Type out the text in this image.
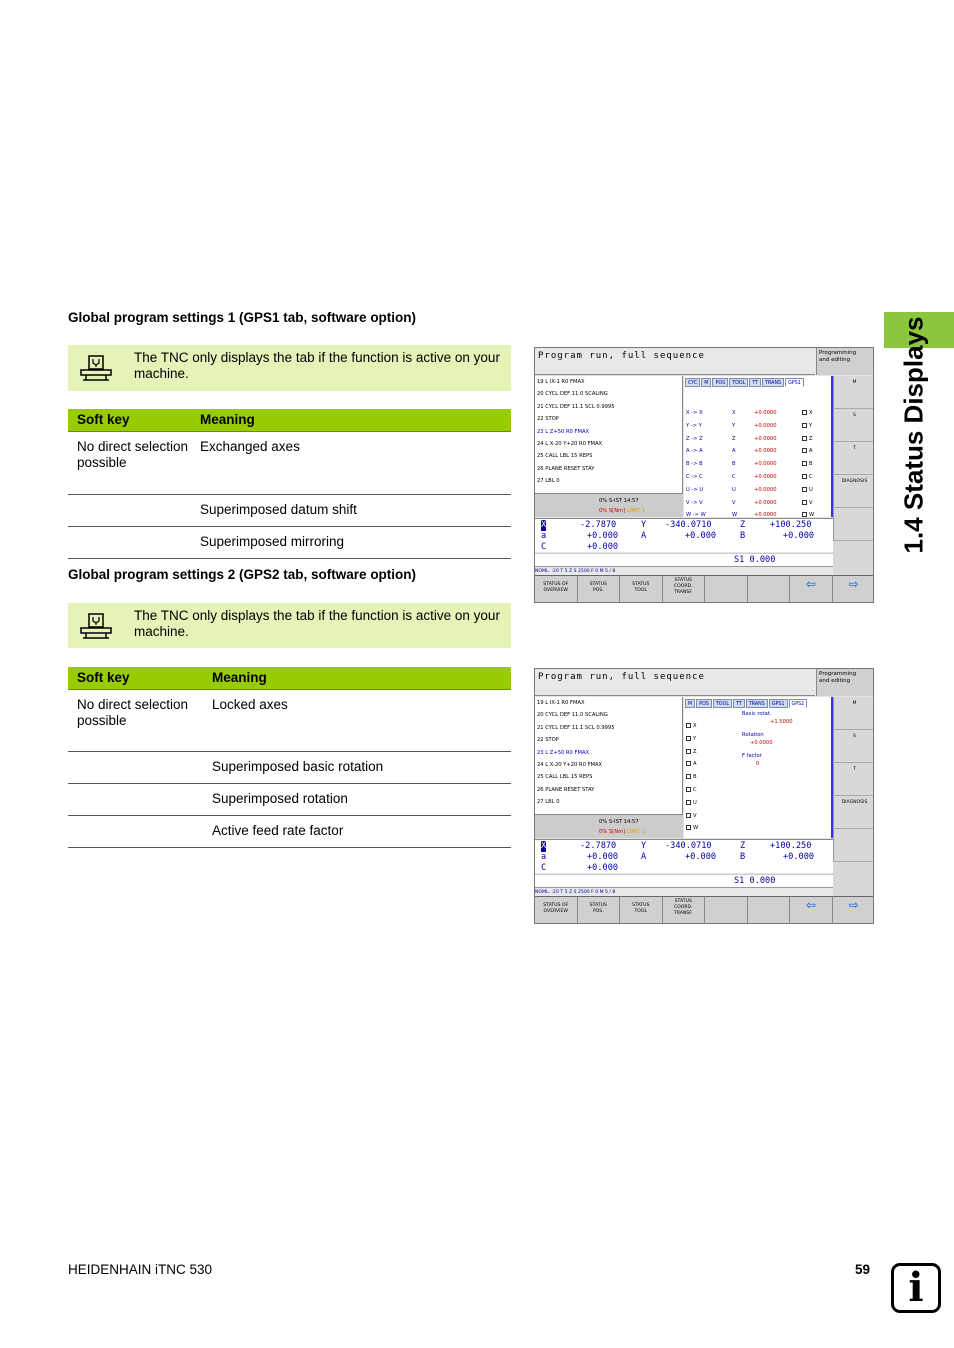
1.4 Status Displays
Global program settings 1 (GPS1 tab, software option)
The TNC only displays the tab if the function is active on your machine.
Soft key	Meaning
No direct selection possible	Exchanged axes
	Superimposed datum shift
	Superimposed mirroring
Global program settings 2 (GPS2 tab, software option)
The TNC only displays the tab if the function is active on your machine.
Soft key	Meaning
No direct selection possible	Locked axes
	Superimposed basic rotation
	Superimposed rotation
	Active feed rate factor
Program run, full sequence	Programming
and editing
19 L IX-1 R0 FMAX
20 CYCL DEF 11.0 SCALING
21 CYCL DEF 11.1 SCL 0.9995
22 STOP
23 L Z+50 R0 FMAX
24 L X-20 Y+20 R0 FMAX
25 CALL LBL 15 REPS
26 PLANE RESET STAY
27 LBL 0
0% S-IST 14:57
0% S[Nm] LIMIT 1
CYC	M	POS	TOOL	TT	TRANS	GPS1
X -> X	X	+0.0000	X
Y -> Y	Y	+0.0000	Y
Z -> Z	Z	+0.0000	Z
A -> A	A	+0.0000	A
B -> B	B	+0.0000	B
C -> C	C	+0.0000	C
U -> U	U	+0.0000	U
V -> V	V	+0.0000	V
W -> W	W	+0.0000	W
M
S
T
DIAGNOSIS
X	-2.7870	Y -340.0710	Z	+100.250
a	+0.000	A	+0.000	B	+0.000
C	+0.000
S1 0.000
NOML. :20 T 5 Z S 2500 F 0 M 5 / 8
STATUS OF
OVERVIEW
STATUS
POS.
STATUS
TOOL
STATUS
COORD.
TRANSF.
⇦	⇨
Program run, full sequence	Programming
and editing
19 L IX-1 R0 FMAX
20 CYCL DEF 11.0 SCALING
21 CYCL DEF 11.1 SCL 0.9995
22 STOP
23 L Z+50 R0 FMAX
24 L X-20 Y+20 R0 FMAX
25 CALL LBL 15 REPS
26 PLANE RESET STAY
27 LBL 0
0% S-IST 14:57
0% S[Nm] LIMIT 1
M	POS	TOOL	TT	TRANS	GPS1	GPS2
X
Y
Z
A
B
C
U
V
W
Basic rotat.
+1.5000
Rotation
+0.0000
F factor
0
M
S
T
DIAGNOSIS
X	-2.7870	Y -340.0710	Z	+100.250
a	+0.000	A	+0.000	B	+0.000
C	+0.000
S1 0.000
NOML. :20 T 5 Z S 2500 F 0 M 5 / 8
STATUS OF
OVERVIEW
STATUS
POS.
STATUS
TOOL
STATUS
COORD.
TRANSF.
⇦	⇨
HEIDENHAIN iTNC 530	59 i
